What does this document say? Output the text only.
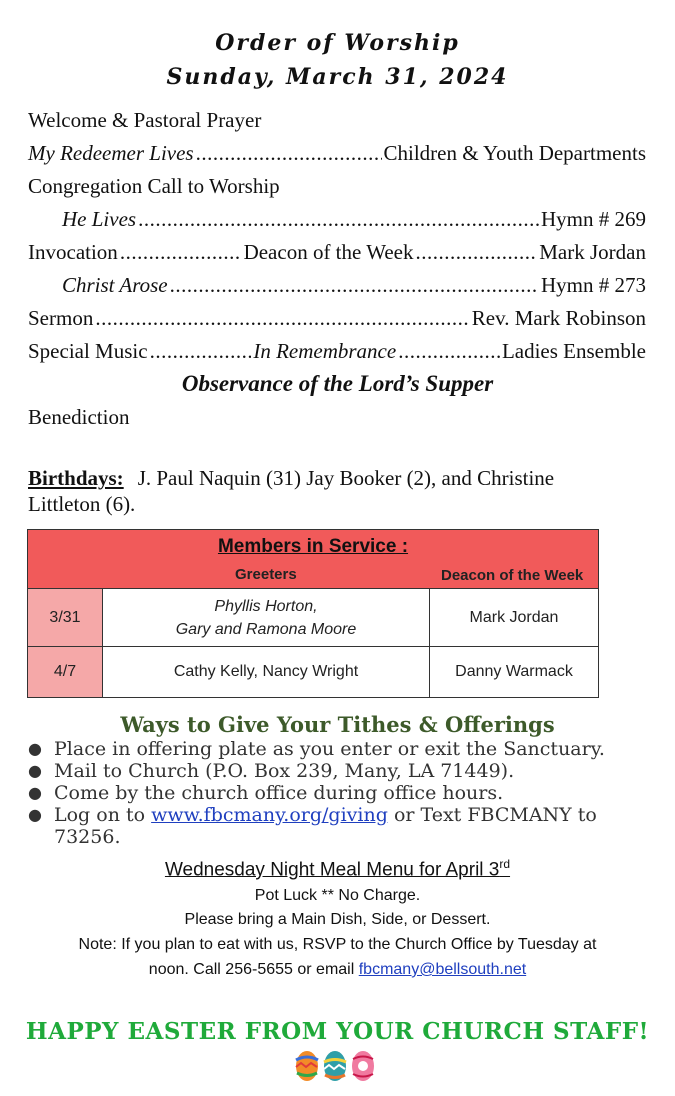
Order of Worship
Sunday, March 31, 2024
Welcome & Pastoral Prayer
My Redeemer Lives .....	Children & Youth Departments
Congregation Call to Worship
He Lives .....	Hymn # 269
Invocation .....	Deacon of the Week .....	Mark Jordan
Christ Arose .....	Hymn # 273
Sermon .....	Rev. Mark Robinson
Special Music .....	In Remembrance .....	Ladies Ensemble
Observance of the Lord’s Supper
Benediction
Birthdays: J. Paul Naquin (31) Jay Booker (2), and Christine Littleton (6).
Members in Service :
Greeters Deacon of the Week		

3/31	Phyllis Horton,
Gary and Ramona Moore	Mark Jordan
4/7	Cathy Kelly, Nancy Wright	Danny Warmack
Ways to Give Your Tithes & Offerings
● Place in offering plate as you enter or exit the Sanctuary.
● Mail to Church (P.O. Box 239, Many, LA 71449).
● Come by the church office during office hours.
● Log on to www.fbcmany.org/giving or Text FBCMANY to 73256.
Wednesday Night Meal Menu for April 3rd
Pot Luck ** No Charge.
Please bring a Main Dish, Side, or Dessert.
Note: If you plan to eat with us, RSVP to the Church Office by Tuesday at
noon. Call 256-5655 or email fbcmany@bellsouth.net
HAPPY EASTER FROM YOUR CHURCH STAFF!
